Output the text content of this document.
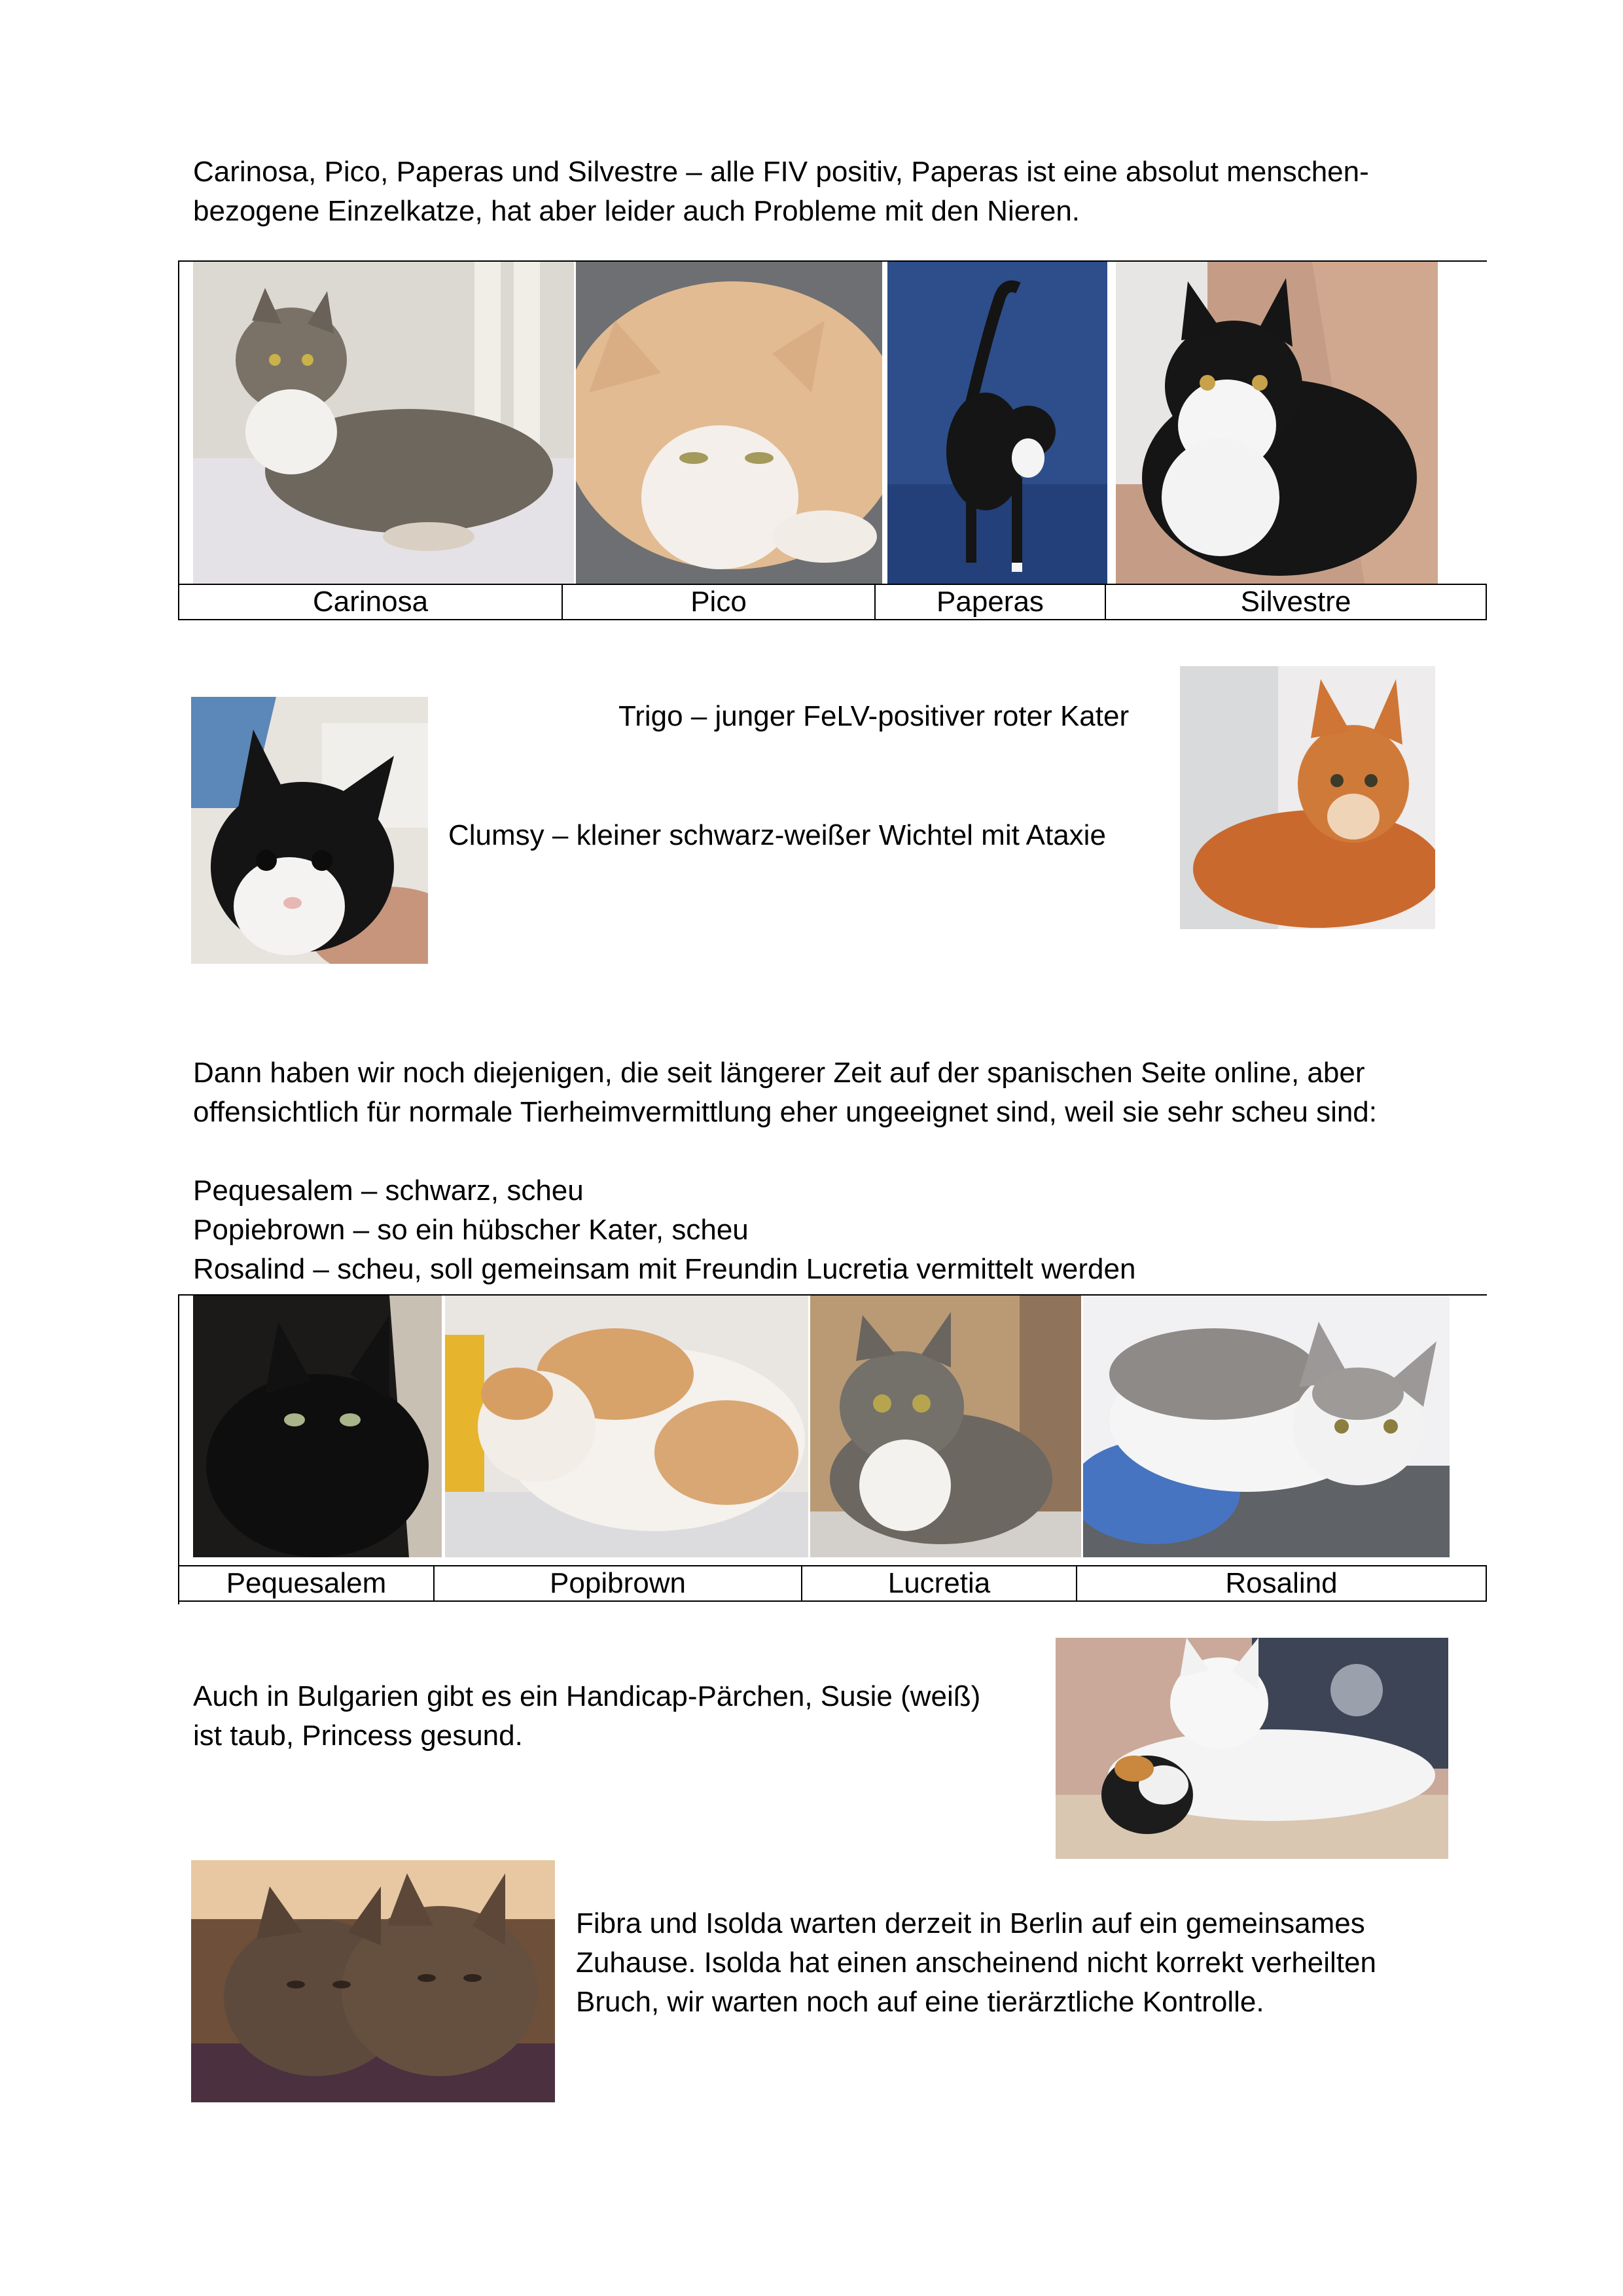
Carinosa, Pico, Paperas und Silvestre – alle FIV positiv, Paperas ist eine absolut menschen-
bezogene Einzelkatze, hat aber leider auch Probleme mit den Nieren.
Carinosa	Pico	Paperas	Silvestre
Trigo – junger FeLV-positiver roter Kater
Clumsy – kleiner schwarz-weißer Wichtel mit Ataxie
Dann haben wir noch diejenigen, die seit längerer Zeit auf der spanischen Seite online, aber
offensichtlich für normale Tierheimvermittlung eher ungeeignet sind, weil sie sehr scheu sind:
Pequesalem – schwarz, scheu
Popiebrown – so ein hübscher Kater, scheu
Rosalind – scheu, soll gemeinsam mit Freundin Lucretia vermittelt werden
Pequesalem	Popibrown	Lucretia	Rosalind
Auch in Bulgarien gibt es ein Handicap-Pärchen, Susie (weiß)
ist taub, Princess gesund.
Fibra und Isolda warten derzeit in Berlin auf ein gemeinsames
Zuhause. Isolda hat einen anscheinend nicht korrekt verheilten
Bruch, wir warten noch auf eine tierärztliche Kontrolle.
